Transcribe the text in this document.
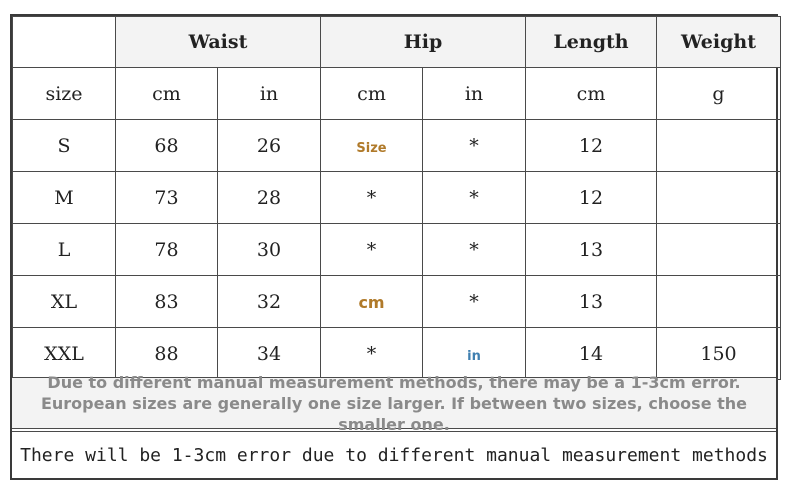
	Waist		Hip		Length	Weight
size	cm	in	cm	in	cm	g
S	68	26	Size	*	12	
M	73	28	*	*	12	
L	78	30	*	*	13	
XL	83	32	cm	*	13	
XXL	88	34	*	in	14	150
Due to different manual measurement methods, there may be a 1-3cm error. European sizes are generally one size larger. If between two sizes, choose the smaller one.
There will be 1-3cm error due to different manual measurement methods
